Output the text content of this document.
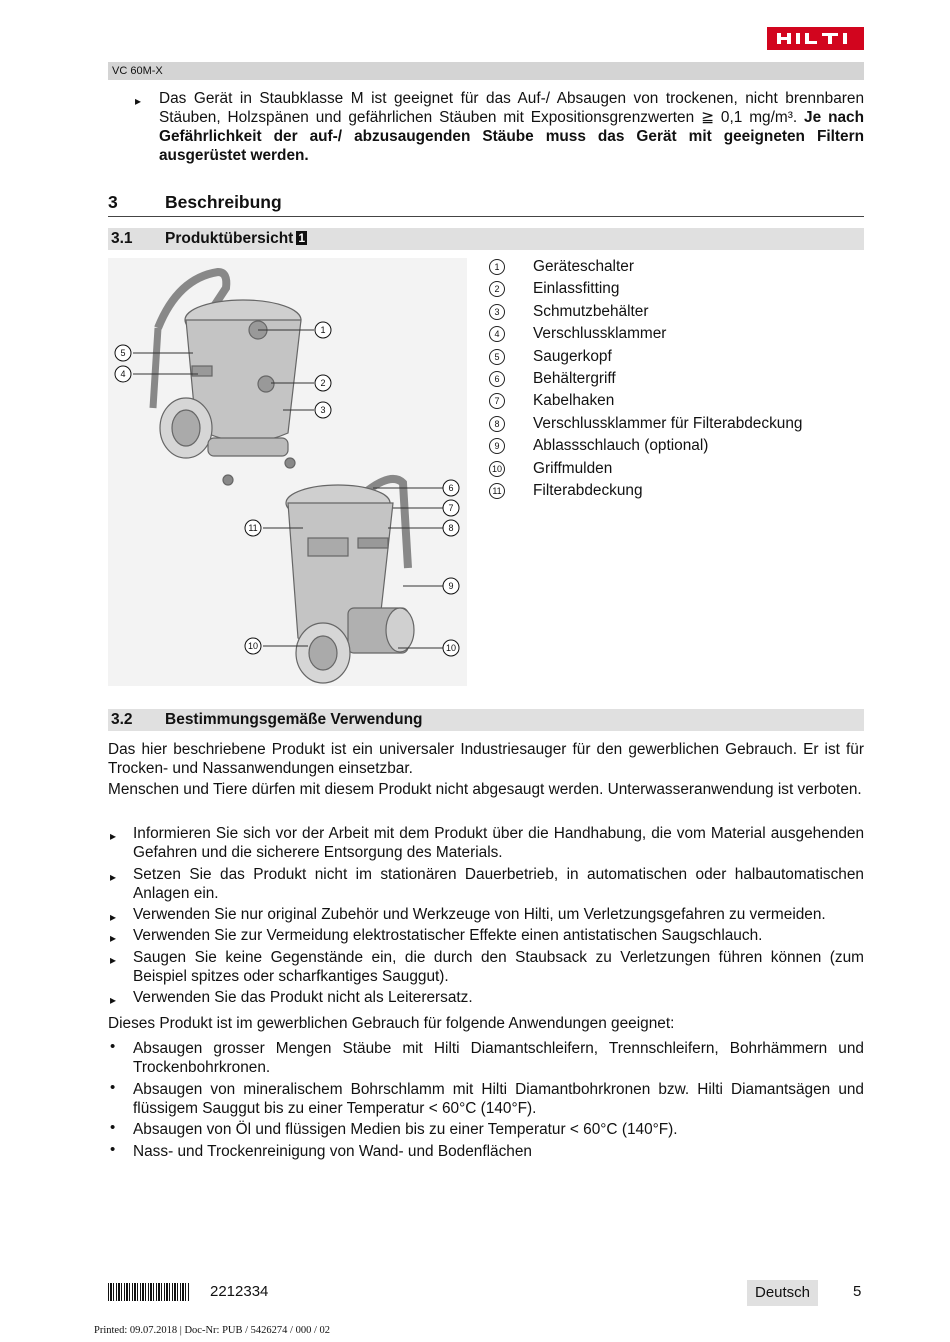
VC 60M-X
▸ Das Gerät in Staubklasse M ist geeignet für das Auf-/ Absaugen von trockenen, nicht brennbaren Stäuben, Holzspänen und gefährlichen Stäuben mit Expositionsgrenzwerten ≧ 0,1 mg/m³. Je nach Gefährlichkeit der auf-/ abzusaugenden Stäube muss das Gerät mit geeigneten Filtern ausgerüstet werden.
3	Beschreibung
3.1 Produktübersicht 1
1
2
3
5
4
6
7
8
11
9
10	10
1	Geräteschalter
2	Einlassfitting
3	Schmutzbehälter
4	Verschlussklammer
5	Saugerkopf
6	Behältergriff
7	Kabelhaken
8	Verschlussklammer für Filterabdeckung
9	Ablassschlauch (optional)
10 Griffmulden
11 Filterabdeckung
3.2 Bestimmungsgemäße Verwendung
Das hier beschriebene Produkt ist ein universaler Industriesauger für den gewerblichen Gebrauch. Er ist für Trocken- und Nassanwendungen einsetzbar.
Menschen und Tiere dürfen mit diesem Produkt nicht abgesaugt werden. Unterwasseranwendung ist verboten.
▸ Informieren Sie sich vor der Arbeit mit dem Produkt über die Handhabung, die vom Material ausgehenden Gefahren und die sicherere Entsorgung des Materials.
▸ Setzen Sie das Produkt nicht im stationären Dauerbetrieb, in automatischen oder halbautomatischen Anlagen ein.
▸ Verwenden Sie nur original Zubehör und Werkzeuge von Hilti, um Verletzungsgefahren zu vermeiden.
▸ Verwenden Sie zur Vermeidung elektrostatischer Effekte einen antistatischen Saugschlauch.
▸ Saugen Sie keine Gegenstände ein, die durch den Staubsack zu Verletzungen führen können (zum Beispiel spitzes oder scharfkantiges Sauggut).
▸ Verwenden Sie das Produkt nicht als Leiterersatz.
Dieses Produkt ist im gewerblichen Gebrauch für folgende Anwendungen geeignet:
• Absaugen grosser Mengen Stäube mit Hilti Diamantschleifern, Trennschleifern, Bohrhämmern und Trockenbohrkronen.
• Absaugen von mineralischem Bohrschlamm mit Hilti Diamantbohrkronen bzw. Hilti Diamantsägen und flüssigem Sauggut bis zu einer Temperatur < 60°C (140°F).
• Absaugen von Öl und flüssigen Medien bis zu einer Temperatur < 60°C (140°F).
• Nass- und Trockenreinigung von Wand- und Bodenflächen
2212334	Deutsch	5
Printed: 09.07.2018 | Doc-Nr: PUB / 5426274 / 000 / 02
